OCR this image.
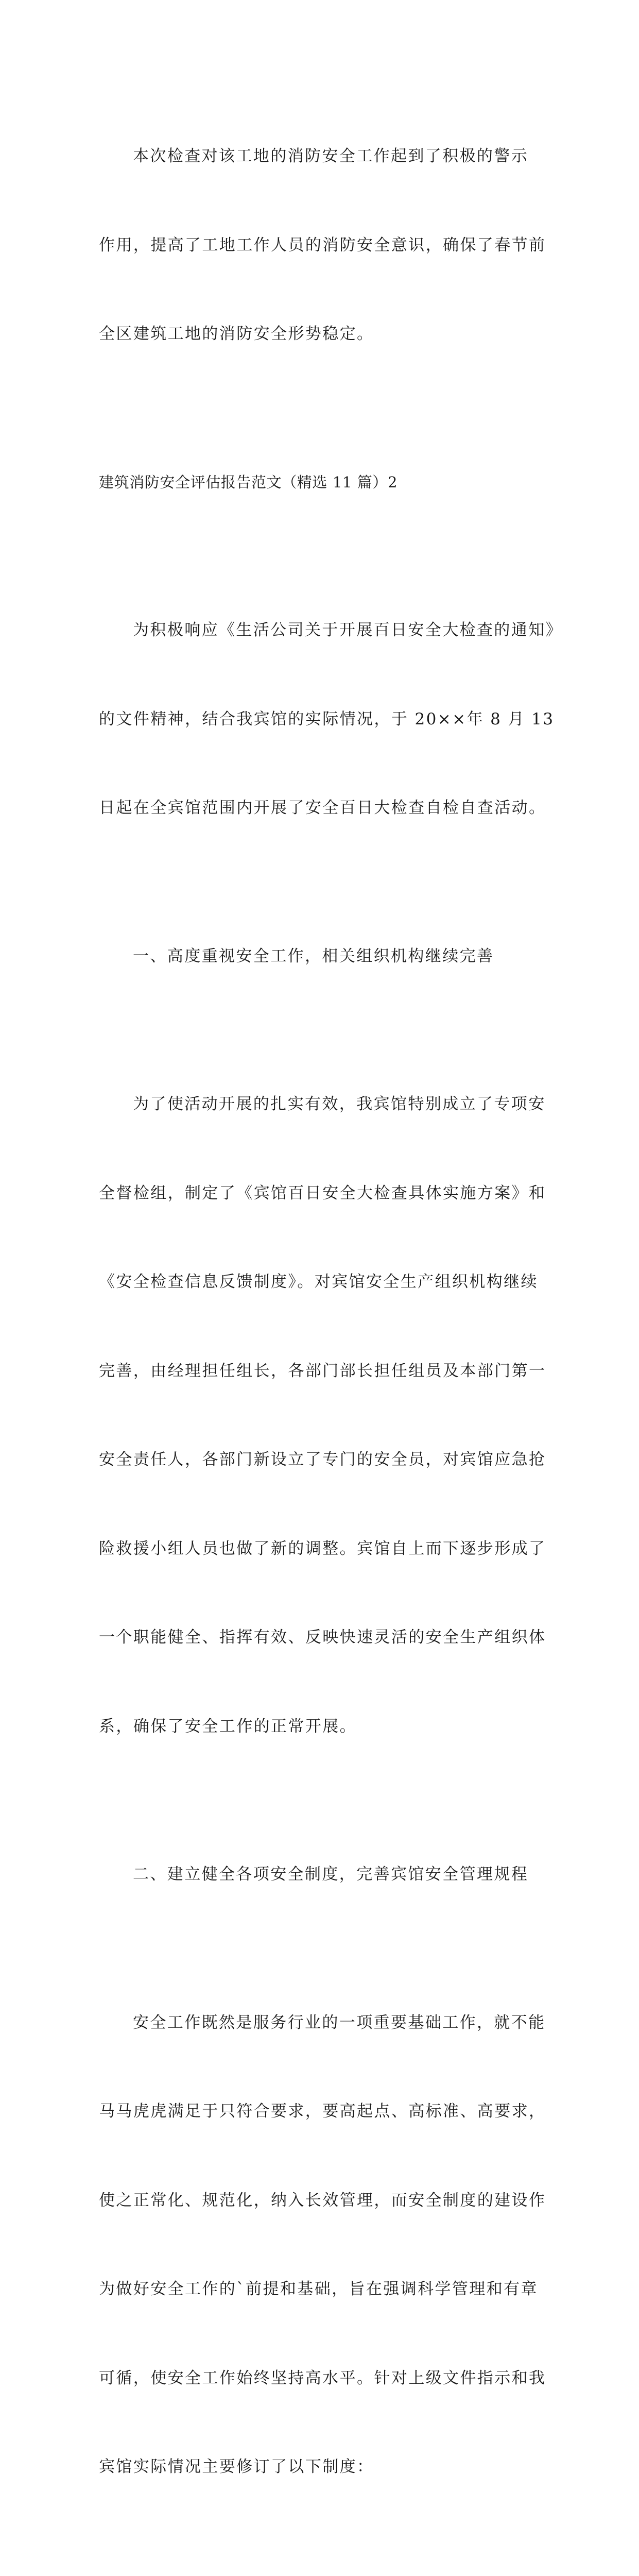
本次检查对该工地的消防安全工作起到了积极的警示

作用，提高了工地工作人员的消防安全意识，确保了春节前

全区建筑工地的消防安全形势稳定。

建筑消防安全评估报告范文（精选 11 篇）2

为积极响应《生活公司关于开展百日安全大检查的通知》

的文件精神，结合我宾馆的实际情况，于 20××年 8 月 13

日起在全宾馆范围内开展了安全百日大检查自检自查活动。

一、高度重视安全工作，相关组织机构继续完善

为了使活动开展的扎实有效，我宾馆特别成立了专项安

全督检组，制定了《宾馆百日安全大检查具体实施方案》和

《安全检查信息反馈制度》。对宾馆安全生产组织机构继续

完善，由经理担任组长，各部门部长担任组员及本部门第一

安全责任人，各部门新设立了专门的安全员，对宾馆应急抢

险救援小组人员也做了新的调整。宾馆自上而下逐步形成了

一个职能健全、指挥有效、反映快速灵活的安全生产组织体

系，确保了安全工作的正常开展。

二、建立健全各项安全制度，完善宾馆安全管理规程

安全工作既然是服务行业的一项重要基础工作，就不能

马马虎虎满足于只符合要求，要高起点、高标准、高要求，

使之正常化、规范化，纳入长效管理，而安全制度的建设作

为做好安全工作的`前提和基础，旨在强调科学管理和有章

可循，使安全工作始终坚持高水平。针对上级文件指示和我

宾馆实际情况主要修订了以下制度：
